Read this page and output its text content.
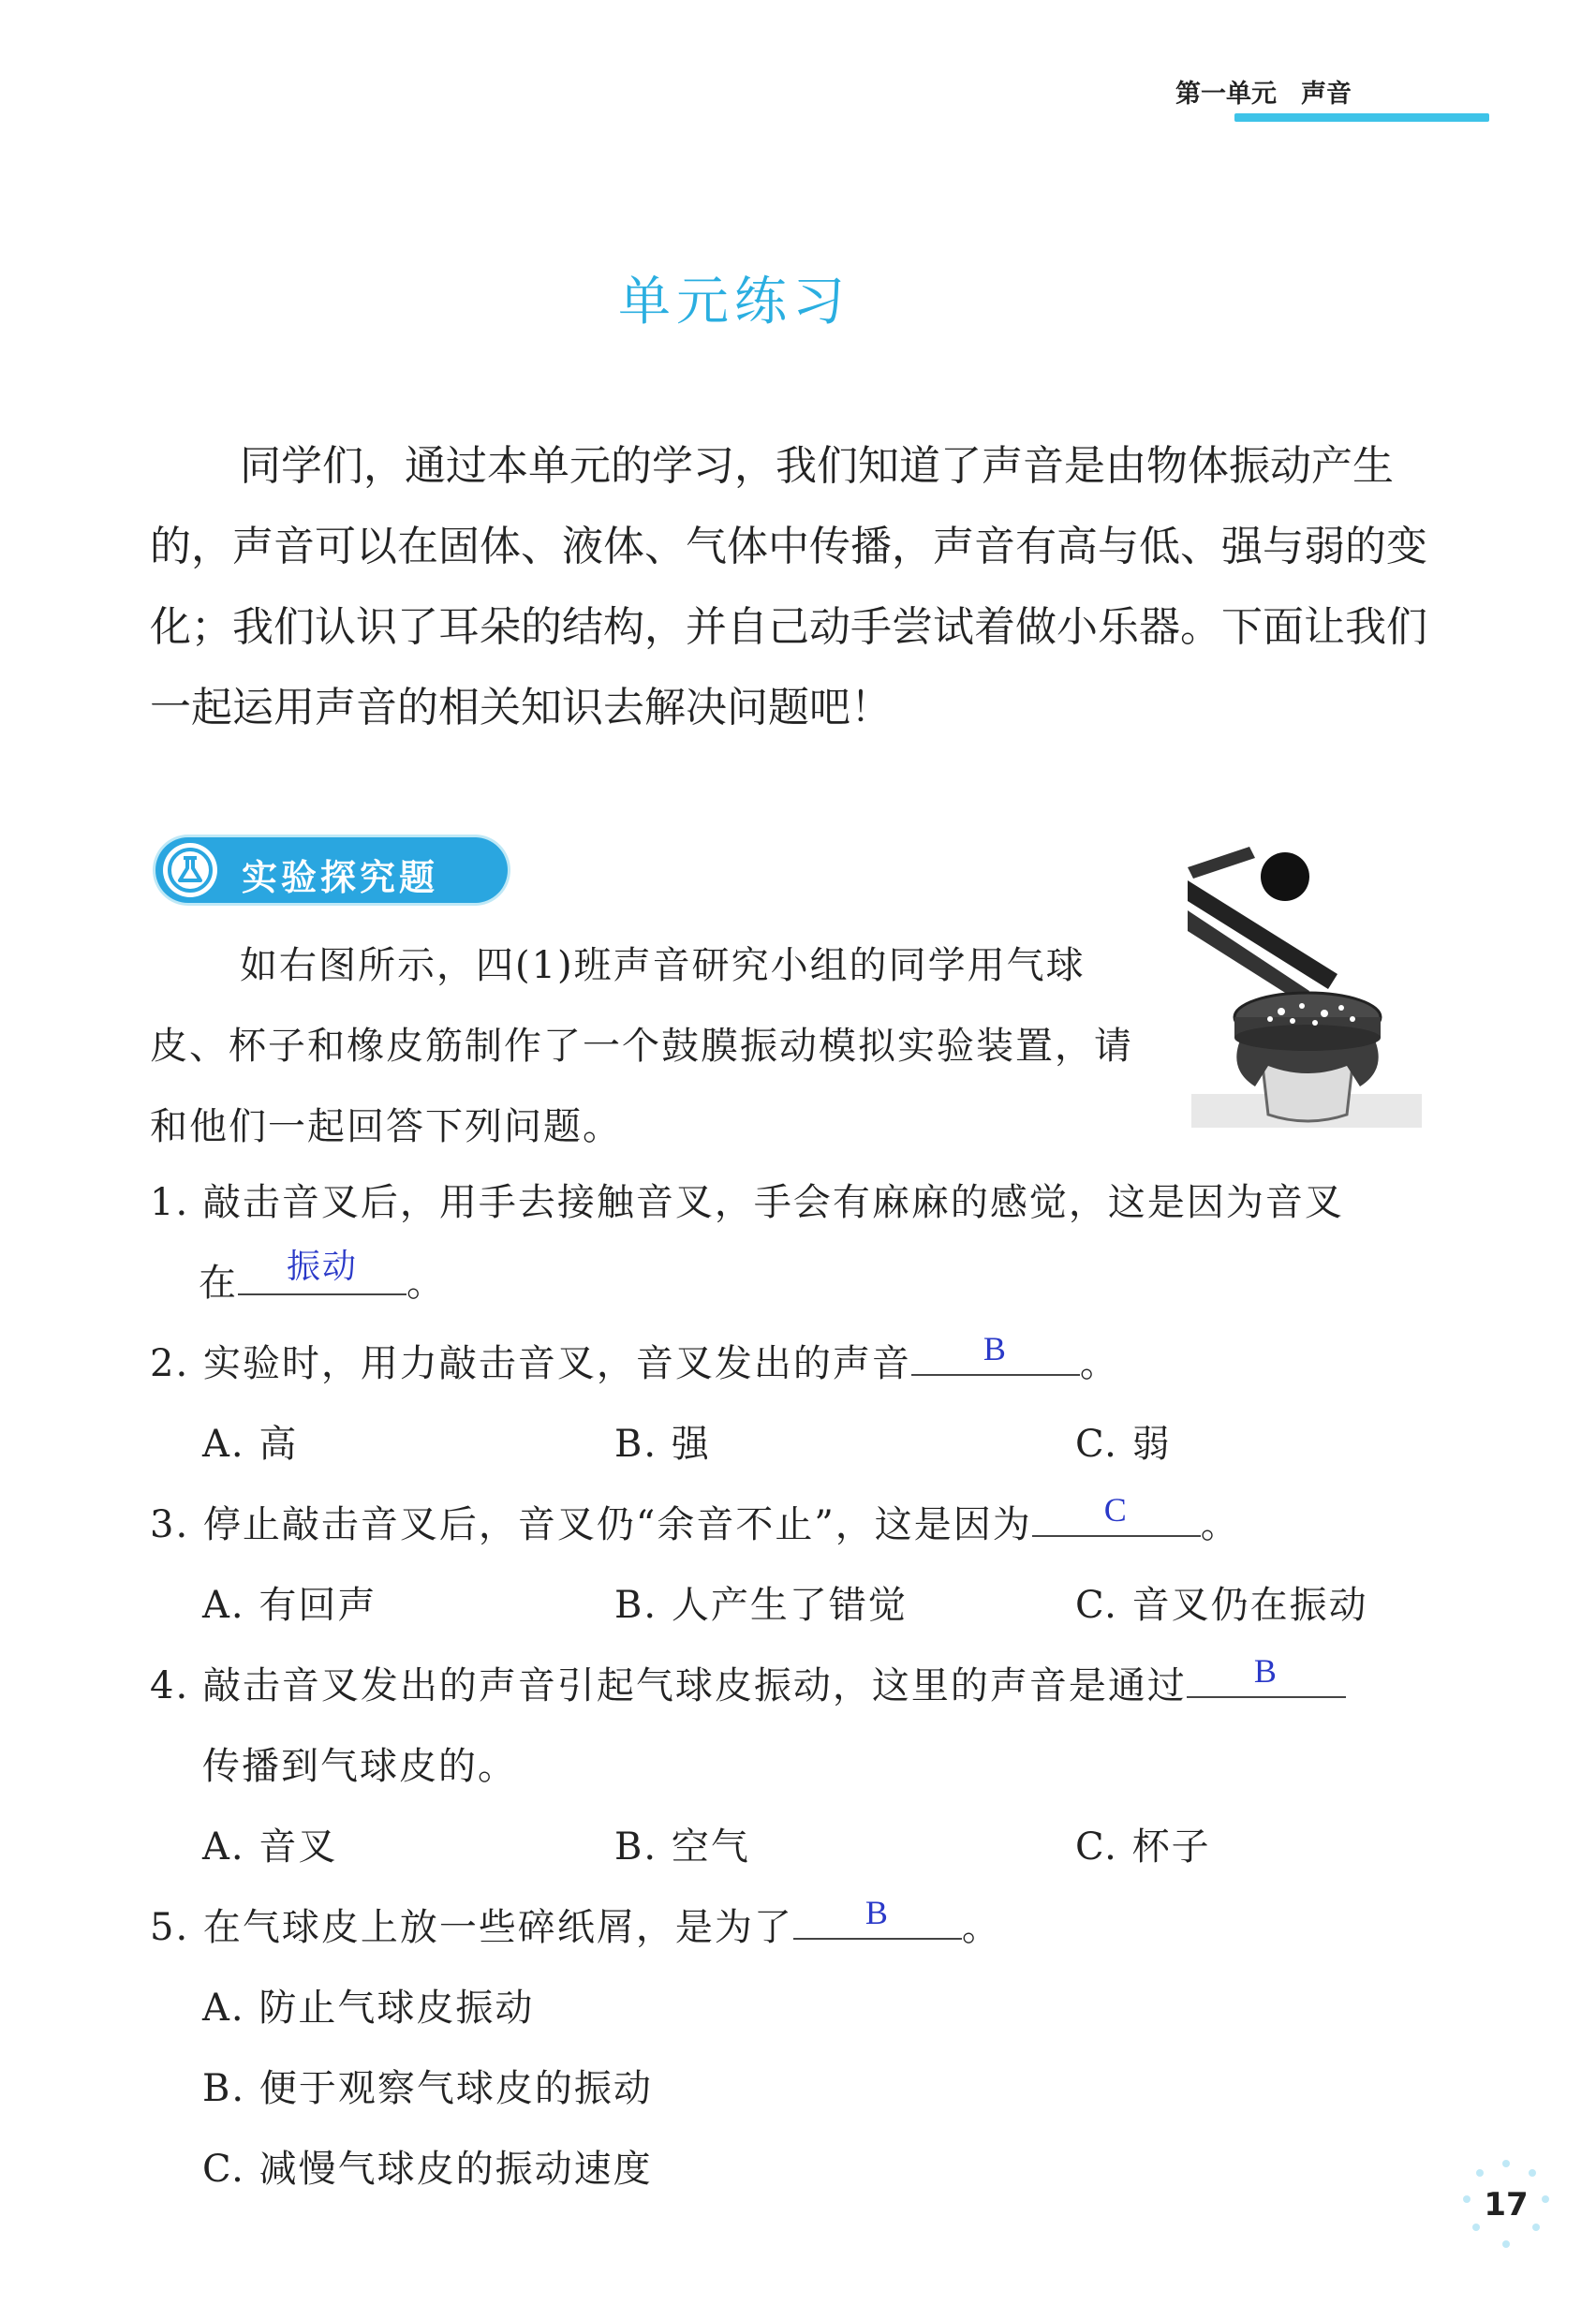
第一单元 声音
单元练习
同学们，通过本单元的学习，我们知道了声音是由物体振动产生的，声音可以在固体、液体、气体中传播，声音有高与低、强与弱的变化；我们认识了耳朵的结构，并自己动手尝试着做小乐器。下面让我们一起运用声音的相关知识去解决问题吧！
实验探究题
如右图所示，四(1)班声音研究小组的同学用气球皮、杯子和橡皮筋制作了一个鼓膜振动模拟实验装置，请和他们一起回答下列问题。
1. 敲击音叉后，用手去接触音叉，手会有麻麻的感觉，这是因为音叉
在	振动	。
2. 实验时，用力敲击音叉，音叉发出的声音	B	。
A. 高	B. 强	C. 弱
3. 停止敲击音叉后，音叉仍“余音不止”，这是因为	C	。
A. 有回声	B. 人产生了错觉	C. 音叉仍在振动
4. 敲击音叉发出的声音引起气球皮振动，这里的声音是通过	B
传播到气球皮的。
A. 音叉	B. 空气	C. 杯子
5. 在气球皮上放一些碎纸屑，是为了	B	。
A. 防止气球皮振动
B. 便于观察气球皮的振动
C. 减慢气球皮的振动速度
17
